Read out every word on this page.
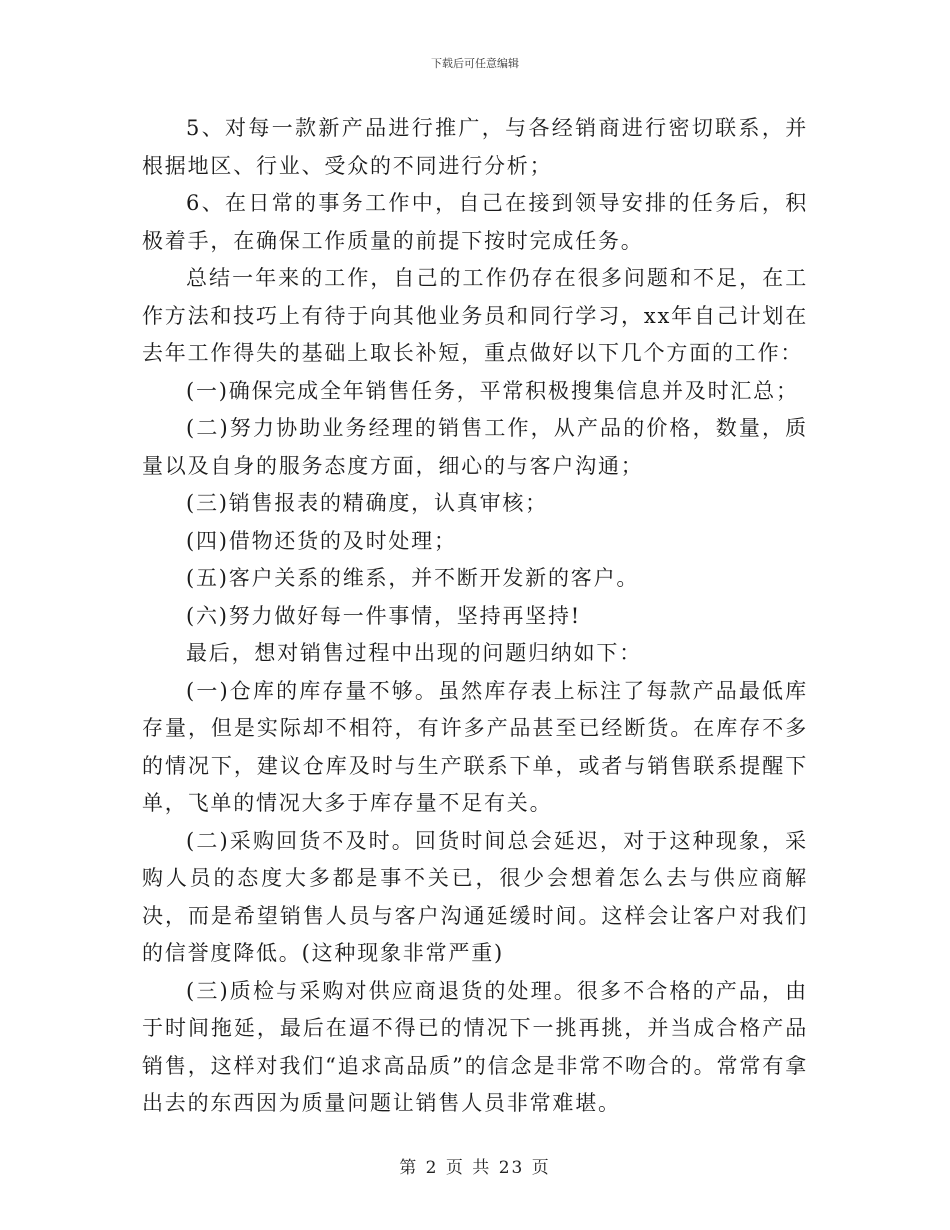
下载后可任意编辑

5、对每一款新产品进行推广，与各经销商进行密切联系，并根据地区、行业、受众的不同进行分析；

6、在日常的事务工作中，自己在接到领导安排的任务后，积极着手，在确保工作质量的前提下按时完成任务。

总结一年来的工作，自己的工作仍存在很多问题和不足，在工作方法和技巧上有待于向其他业务员和同行学习，xx年自己计划在去年工作得失的基础上取长补短，重点做好以下几个方面的工作：

(一)确保完成全年销售任务，平常积极搜集信息并及时汇总；

(二)努力协助业务经理的销售工作，从产品的价格，数量，质量以及自身的服务态度方面，细心的与客户沟通；

(三)销售报表的精确度，认真审核；

(四)借物还货的及时处理；

(五)客户关系的维系，并不断开发新的客户。

(六)努力做好每一件事情，坚持再坚持!

最后，想对销售过程中出现的问题归纳如下：

(一)仓库的库存量不够。虽然库存表上标注了每款产品最低库存量，但是实际却不相符，有许多产品甚至已经断货。在库存不多的情况下，建议仓库及时与生产联系下单，或者与销售联系提醒下单，飞单的情况大多于库存量不足有关。

(二)采购回货不及时。回货时间总会延迟，对于这种现象，采购人员的态度大多都是事不关已，很少会想着怎么去与供应商解决，而是希望销售人员与客户沟通延缓时间。这样会让客户对我们的信誉度降低。(这种现象非常严重)

(三)质检与采购对供应商退货的处理。很多不合格的产品，由于时间拖延，最后在逼不得已的情况下一挑再挑，并当成合格产品销售，这样对我们“追求高品质”的信念是非常不吻合的。常常有拿出去的东西因为质量问题让销售人员非常难堪。

第 2 页 共 23 页
